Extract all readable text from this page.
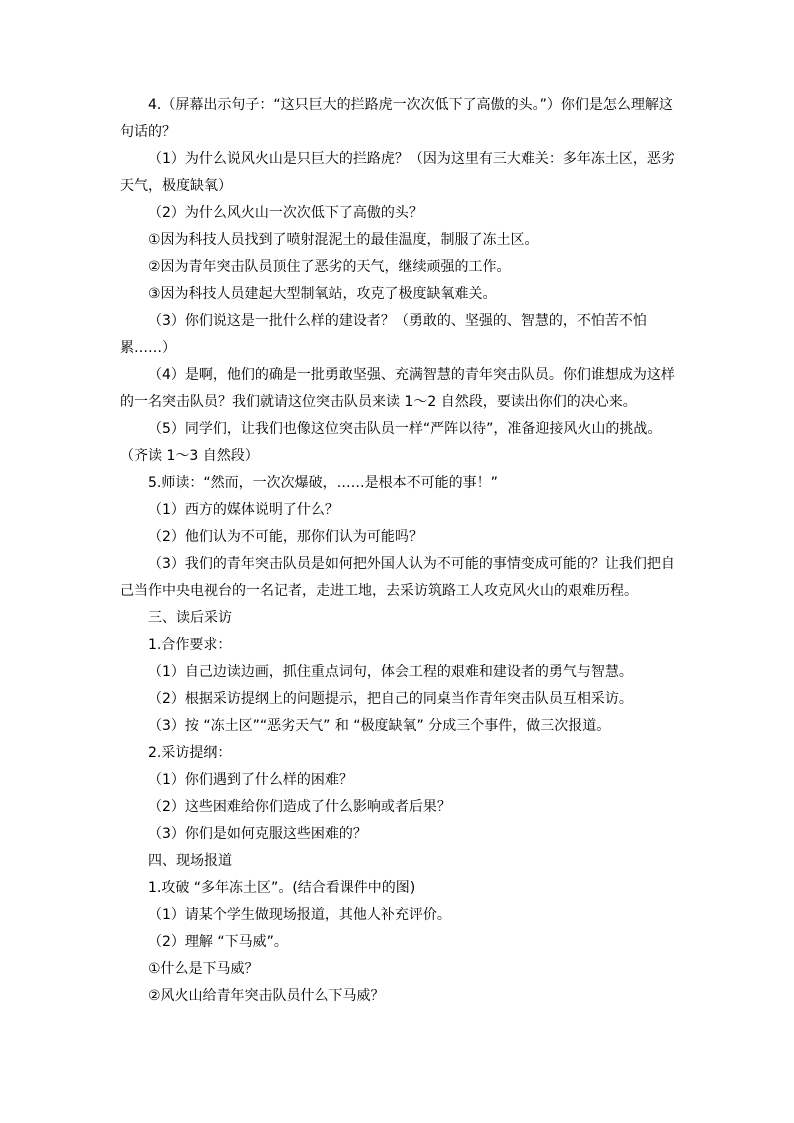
4.（屏幕出示句子：“这只巨大的拦路虎一次次低下了高傲的头。”）你们是怎么理解这句话的？

（1）为什么说风火山是只巨大的拦路虎？（因为这里有三大难关：多年冻土区，恶劣天气，极度缺氧）

（2）为什么风火山一次次低下了高傲的头？

①因为科技人员找到了喷射混泥土的最佳温度，制服了冻土区。

②因为青年突击队员顶住了恶劣的天气，继续顽强的工作。

③因为科技人员建起大型制氧站，攻克了极度缺氧难关。

（3）你们说这是一批什么样的建设者？（勇敢的、坚强的、智慧的，不怕苦不怕累……）

（4）是啊，他们的确是一批勇敢坚强、充满智慧的青年突击队员。你们谁想成为这样的一名突击队员？我们就请这位突击队员来读 1～2 自然段，要读出你们的决心来。

（5）同学们，让我们也像这位突击队员一样“严阵以待”，准备迎接风火山的挑战。（齐读 1～3 自然段）

5.师读：“然而，一次次爆破，……是根本不可能的事！”

（1）西方的媒体说明了什么？

（2）他们认为不可能，那你们认为可能吗？

（3）我们的青年突击队员是如何把外国人认为不可能的事情变成可能的？让我们把自己当作中央电视台的一名记者，走进工地，去采访筑路工人攻克风火山的艰难历程。

三、读后采访

1.合作要求：

（1）自己边读边画，抓住重点词句，体会工程的艰难和建设者的勇气与智慧。

（2）根据采访提纲上的问题提示，把自己的同桌当作青年突击队员互相采访。

（3）按 “冻土区”“恶劣天气” 和 “极度缺氧” 分成三个事件，做三次报道。

2.采访提纲：

（1）你们遇到了什么样的困难？

（2）这些困难给你们造成了什么影响或者后果？

（3）你们是如何克服这些困难的？

四、现场报道

1.攻破 “多年冻土区”。(结合看课件中的图)

（1）请某个学生做现场报道，其他人补充评价。

（2）理解 “下马威”。

①什么是下马威？

②风火山给青年突击队员什么下马威？
